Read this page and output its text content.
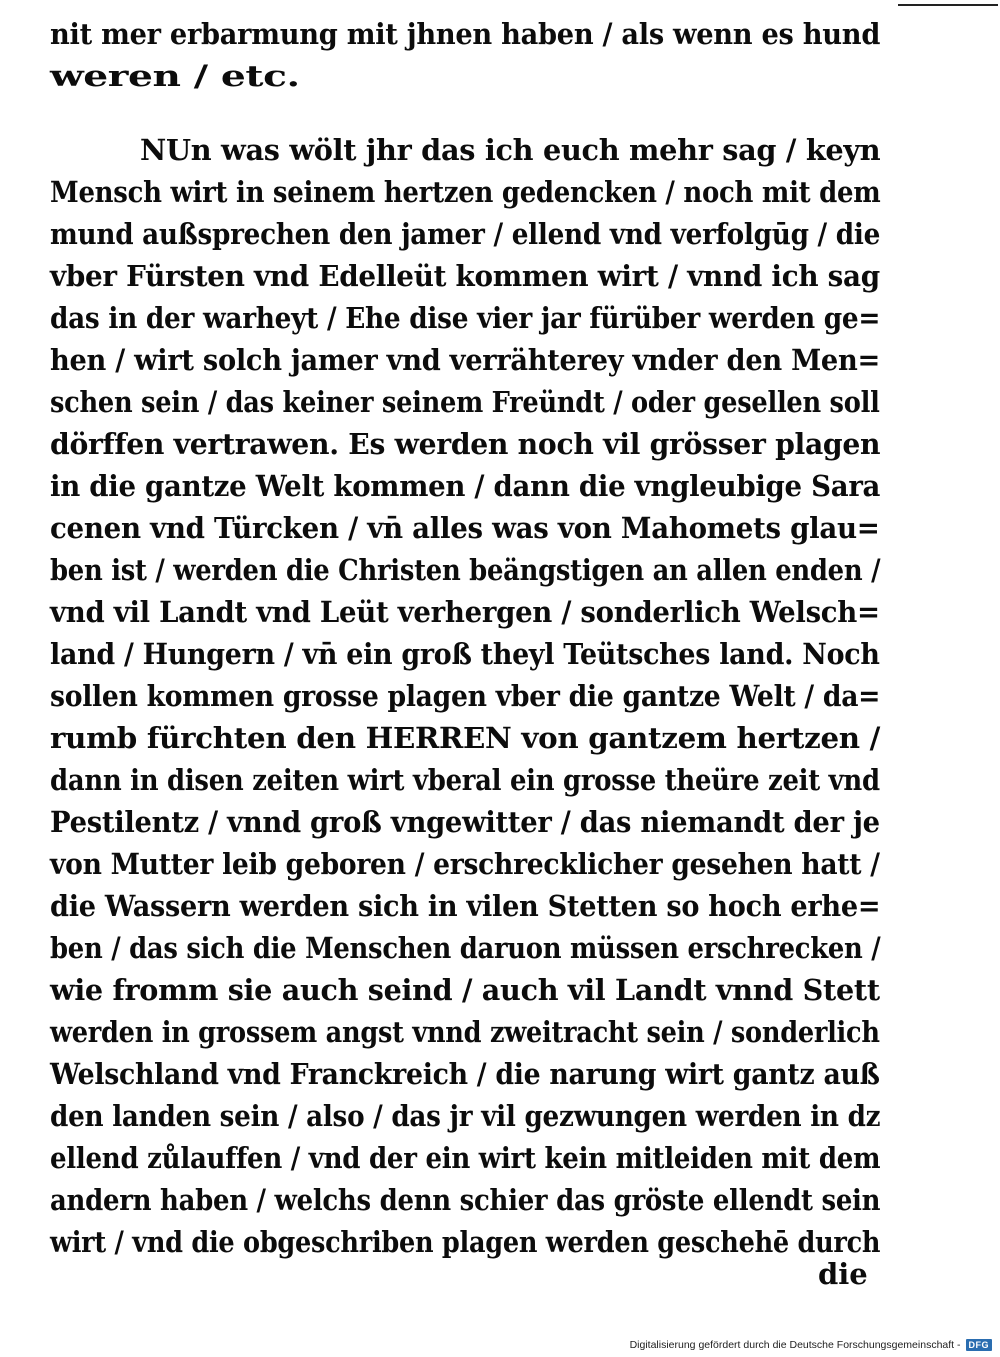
nit mer erbarmung mit jhnen haben / als wenn es hund
weren / etc.
NUn was wölt jhr das ich euch mehr sag / keyn
Mensch wirt in seinem hertzen gedencken / noch mit dem
mund außsprechen den jamer / ellend vnd verfolgūg / die
vber Fürsten vnd Edelleüt kommen wirt / vnnd ich sag
das in der warheyt / Ehe dise vier jar fürüber werden ge=
hen / wirt solch jamer vnd verrähterey vnder den Men=
schen sein / das keiner seinem Freündt / oder gesellen soll
dörffen vertrawen. Es werden noch vil grösser plagen
in die gantze Welt kommen / dann die vngleubige Sara
cenen vnd Türcken / vn̄ alles was von Mahomets glau=
ben ist / werden die Christen beängstigen an allen enden /
vnd vil Landt vnd Leüt verhergen / sonderlich Welsch=
land / Hungern / vn̄ ein groß theyl Teütsches land. Noch
sollen kommen grosse plagen vber die gantze Welt / da=
rumb fürchten den HERREN von gantzem hertzen /
dann in disen zeiten wirt vberal ein grosse theüre zeit vnd
Pestilentz / vnnd groß vngewitter / das niemandt der je
von Mutter leib geboren / erschrecklicher gesehen hatt /
die Wassern werden sich in vilen Stetten so hoch erhe=
ben / das sich die Menschen daruon müssen erschrecken /
wie fromm sie auch seind / auch vil Landt vnnd Stett
werden in grossem angst vnnd zweitracht sein / sonderlich
Welschland vnd Franckreich / die narung wirt gantz auß
den landen sein / also / das jr vil gezwungen werden in dz
ellend zůlauffen / vnd der ein wirt kein mitleiden mit dem
andern haben / welchs denn schier das gröste ellendt sein
wirt / vnd die obgeschriben plagen werden geschehē durch
die
Digitalisierung gefördert durch die Deutsche Forschungsgemeinschaft - DFG
